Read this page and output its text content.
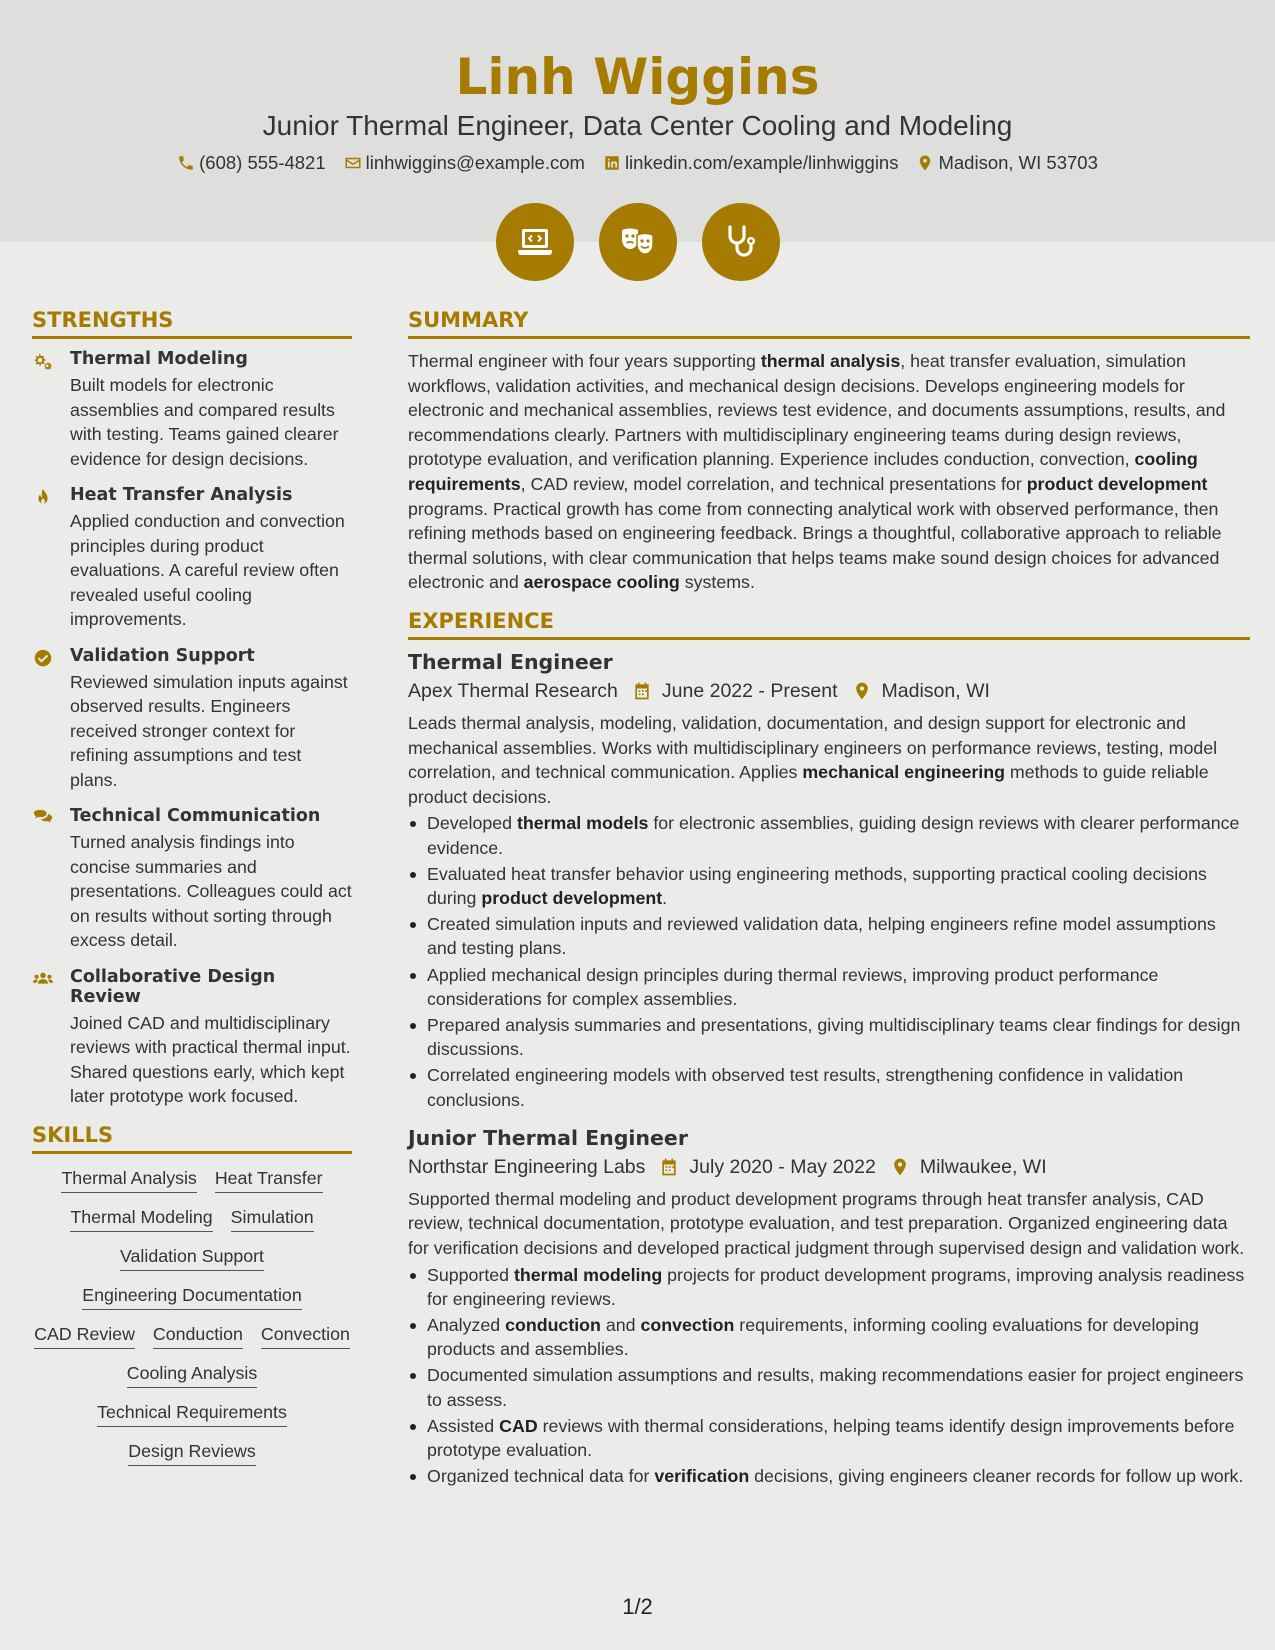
Linh Wiggins
Junior Thermal Engineer, Data Center Cooling and Modeling
(608) 555-4821 linhwiggins@example.com linkedin.com/example/linhwiggins Madison, WI 53703
STRENGTHS
Thermal Modeling
Built models for electronic assemblies and compared results with testing. Teams gained clearer evidence for design decisions.
Heat Transfer Analysis
Applied conduction and convection principles during product evaluations. A careful review often revealed useful cooling improvements.
Validation Support
Reviewed simulation inputs against observed results. Engineers received stronger context for refining assumptions and test plans.
Technical Communication
Turned analysis findings into concise summaries and presentations. Colleagues could act on results without sorting through excess detail.
Collaborative Design Review
Joined CAD and multidisciplinary reviews with practical thermal input. Shared questions early, which kept later prototype work focused.
SKILLS
Thermal Analysis Heat Transfer
Thermal Modeling Simulation
Validation Support
Engineering Documentation
CAD Review Conduction Convection
Cooling Analysis
Technical Requirements
Design Reviews
SUMMARY
Thermal engineer with four years supporting thermal analysis, heat transfer evaluation, simulation workflows, validation activities, and mechanical design decisions. Develops engineering models for electronic and mechanical assemblies, reviews test evidence, and documents assumptions, results, and recommendations clearly. Partners with multidisciplinary engineering teams during design reviews, prototype evaluation, and verification planning. Experience includes conduction, convection, cooling requirements, CAD review, model correlation, and technical presentations for product development programs. Practical growth has come from connecting analytical work with observed performance, then refining methods based on engineering feedback. Brings a thoughtful, collaborative approach to reliable thermal solutions, with clear communication that helps teams make sound design choices for advanced electronic and aerospace cooling systems.
EXPERIENCE
Thermal Engineer
Apex Thermal Research June 2022 - Present Madison, WI
Leads thermal analysis, modeling, validation, documentation, and design support for electronic and mechanical assemblies. Works with multidisciplinary engineers on performance reviews, testing, model correlation, and technical communication. Applies mechanical engineering methods to guide reliable product decisions.
Developed thermal models for electronic assemblies, guiding design reviews with clearer performance evidence.
Evaluated heat transfer behavior using engineering methods, supporting practical cooling decisions during product development.
Created simulation inputs and reviewed validation data, helping engineers refine model assumptions and testing plans.
Applied mechanical design principles during thermal reviews, improving product performance considerations for complex assemblies.
Prepared analysis summaries and presentations, giving multidisciplinary teams clear findings for design discussions.
Correlated engineering models with observed test results, strengthening confidence in validation conclusions.
Junior Thermal Engineer
Northstar Engineering Labs July 2020 - May 2022 Milwaukee, WI
Supported thermal modeling and product development programs through heat transfer analysis, CAD review, technical documentation, prototype evaluation, and test preparation. Organized engineering data for verification decisions and developed practical judgment through supervised design and validation work.
Supported thermal modeling projects for product development programs, improving analysis readiness for engineering reviews.
Analyzed conduction and convection requirements, informing cooling evaluations for developing products and assemblies.
Documented simulation assumptions and results, making recommendations easier for project engineers to assess.
Assisted CAD reviews with thermal considerations, helping teams identify design improvements before prototype evaluation.
Organized technical data for verification decisions, giving engineers cleaner records for follow up work.
1/2
